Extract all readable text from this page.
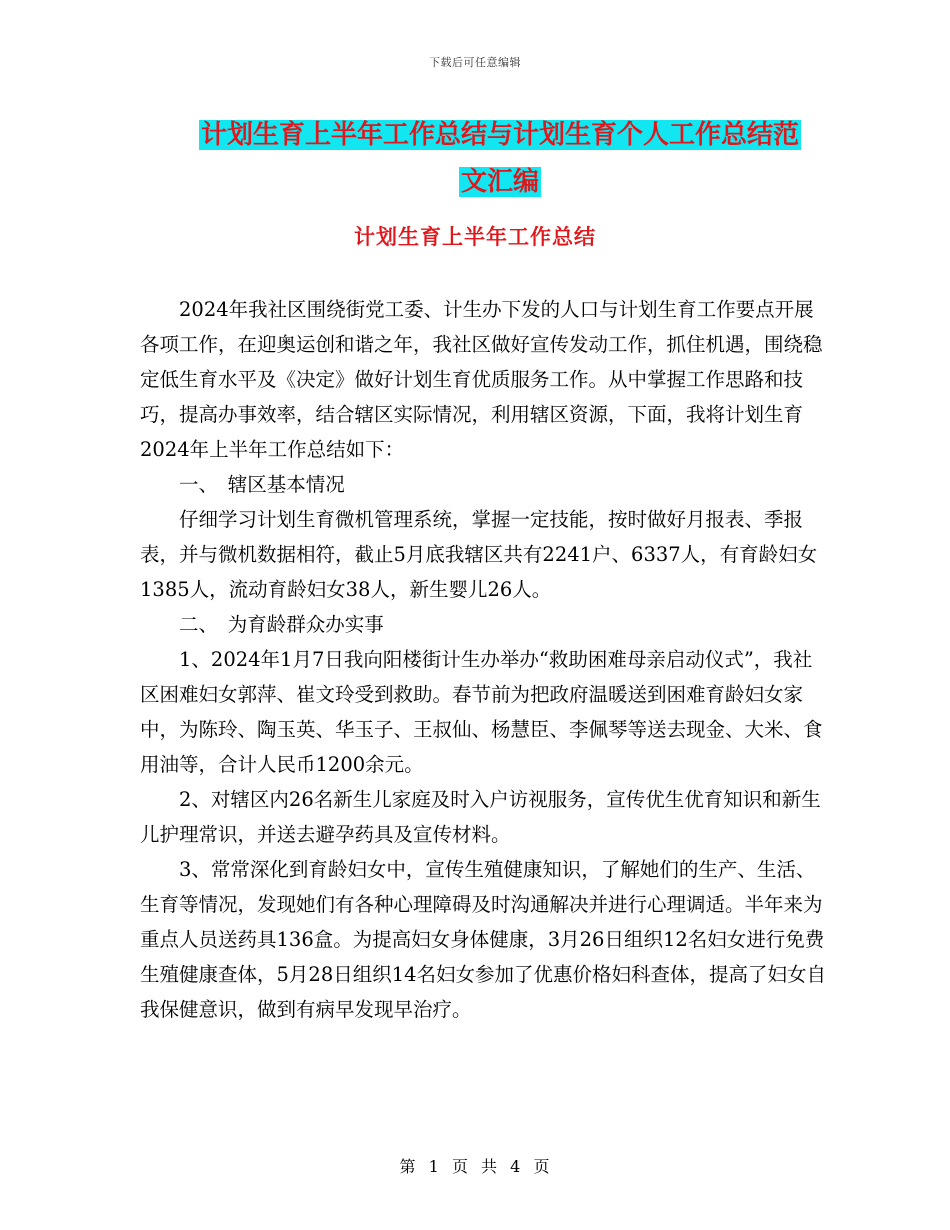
下载后可任意编辑
计划生育上半年工作总结与计划生育个人工作总结范
文汇编
计划生育上半年工作总结

2024年我社区围绕街党工委、计生办下发的人口与计划生育工作要点开展各项工作，在迎奥运创和谐之年，我社区做好宣传发动工作，抓住机遇，围绕稳定低生育水平及《决定》做好计划生育优质服务工作。从中掌握工作思路和技巧，提高办事效率，结合辖区实际情况，利用辖区资源，下面，我将计划生育2024年上半年工作总结如下：

一、　辖区基本情况

仔细学习计划生育微机管理系统，掌握一定技能，按时做好月报表、季报表，并与微机数据相符，截止5月底我辖区共有2241户、6337人，有育龄妇女1385人，流动育龄妇女38人，新生婴儿26人。

二、　为育龄群众办实事

1、2024年1月7日我向阳楼街计生办举办“救助困难母亲启动仪式”，我社区困难妇女郭萍、崔文玲受到救助。春节前为把政府温暖送到困难育龄妇女家中，为陈玲、陶玉英、华玉子、王叔仙、杨慧臣、李佩琴等送去现金、大米、食用油等，合计人民币1200余元。

2、对辖区内26名新生儿家庭及时入户访视服务，宣传优生优育知识和新生儿护理常识，并送去避孕药具及宣传材料。

3、常常深化到育龄妇女中，宣传生殖健康知识，了解她们的生产、生活、生育等情况，发现她们有各种心理障碍及时沟通解决并进行心理调适。半年来为重点人员送药具136盒。为提高妇女身体健康，3月26日组织12名妇女进行免费生殖健康查体，5月28日组织14名妇女参加了优惠价格妇科查体，提高了妇女自我保健意识，做到有病早发现早治疗。

第 1 页 共 4 页
